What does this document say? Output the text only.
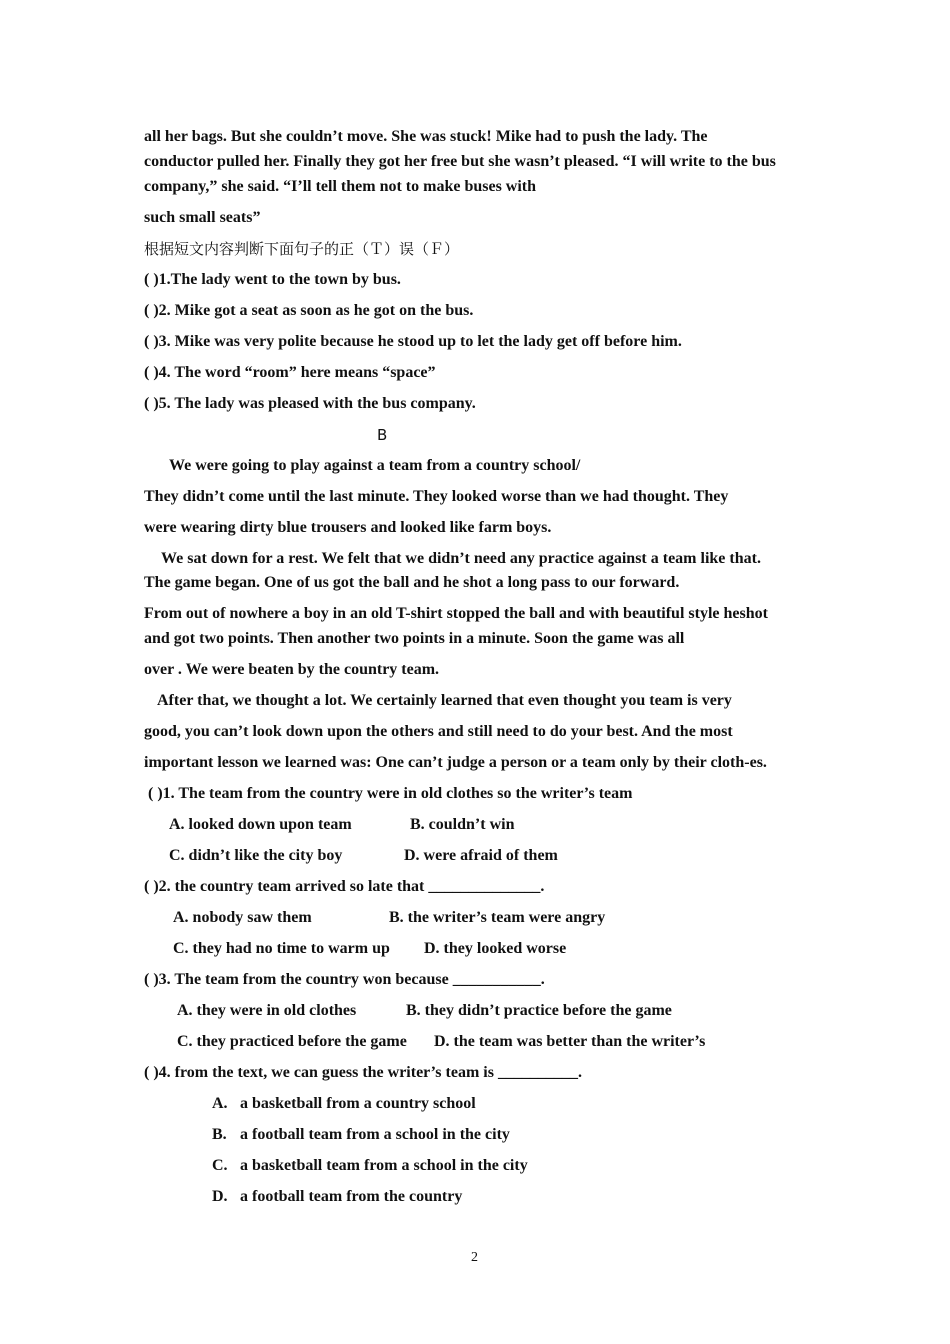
all her bags. But she couldn’t move. She was stuck! Mike had to push the lady. The
conductor pulled her. Finally they got her free but she wasn’t pleased. “I will write to the bus
company,” she said. “I’ll tell them not to make buses with
such small seats”
根据短文内容判断下面句子的正（Ｔ）误（Ｆ）
( )1.The lady went to the town by bus.
( )2. Mike got a seat as soon as he got on the bus.
( )3. Mike was very polite because he stood up to let the lady get off before him.
( )4. The word “room” here means “space”
( )5. The lady was pleased with the bus company.
B
We were going to play against a team from a country school/
They didn’t come until the last minute. They looked worse than we had thought. They
were wearing dirty blue trousers and looked like farm boys.
We sat down for a rest. We felt that we didn’t need any practice against a team like that.
The game began. One of us got the ball and he shot a long pass to our forward.
From out of nowhere a boy in an old T-shirt stopped the ball and with beautiful style heshot
and got two points. Then another two points in a minute. Soon the game was all
over . We were beaten by the country team.
After that, we thought a lot. We certainly learned that even thought you team is very
good, you can’t look down upon the others and still need to do your best. And the most
important lesson we learned was: One can’t judge a person or a team only by their cloth-es.
( )1. The team from the country were in old clothes so the writer’s team
A. looked down upon team	B. couldn’t win
C. didn’t like the city boy	D. were afraid of them
( )2. the country team arrived so late that ______________.
A. nobody saw them	B. the writer’s team were angry
C. they had no time to warm up D. they looked worse
( )3. The team from the country won because ___________.
A. they were in old clothes	B. they didn’t practice before the game
C. they practiced before the game D. the team was better than the writer’s
( )4. from the text, we can guess the writer’s team is __________.
A. a basketball from a country school
B. a football team from a school in the city
C. a basketball team from a school in the city
D. a football team from the country
2
